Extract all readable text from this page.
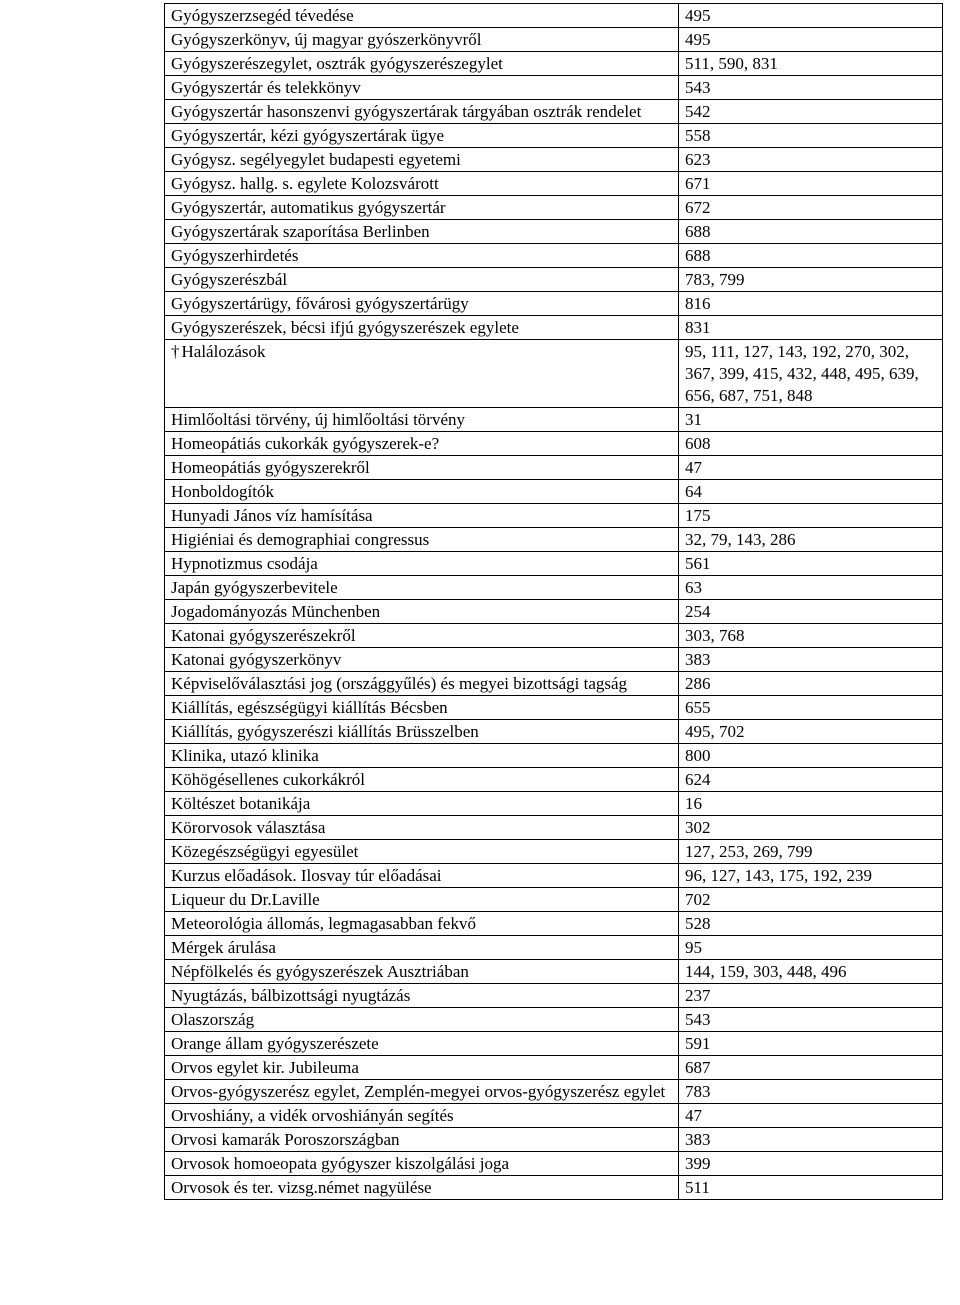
Gyógyszerzsegéd tévedése	495
Gyógyszerkönyv, új magyar gyószerkönyvről	495
Gyógyszerészegylet, osztrák gyógyszerészegylet	511, 590, 831
Gyógyszertár és telekkönyv	543
Gyógyszertár hasonszenvi gyógyszertárak tárgyában osztrák rendelet	542
Gyógyszertár, kézi gyógyszertárak ügye	558
Gyógysz. segélyegylet budapesti egyetemi	623
Gyógysz. hallg. s. egylete Kolozsvárott	671
Gyógyszertár, automatikus gyógyszertár	672
Gyógyszertárak szaporítása Berlinben	688
Gyógyszerhirdetés	688
Gyógyszerészbál	783, 799
Gyógyszertárügy, fővárosi gyógyszertárügy	816
Gyógyszerészek, bécsi ifjú gyógyszerészek egylete	831
† Halálozások	95, 111, 127, 143, 192, 270, 302, 367, 399, 415, 432, 448, 495, 639, 656, 687, 751, 848
Himlőoltási törvény, új himlőoltási törvény	31
Homeopátiás cukorkák gyógyszerek-e?	608
Homeopátiás gyógyszerekről	47
Honboldogítók	64
Hunyadi János víz hamísítása	175
Higiéniai és demographiai congressus	32, 79, 143, 286
Hypnotizmus csodája	561
Japán gyógyszerbevitele	63
Jogadományozás Münchenben	254
Katonai gyógyszerészekről	303, 768
Katonai gyógyszerkönyv	383
Képviselőválasztási jog (országgyűlés) és megyei bizottsági tagság	286
Kiállítás, egészségügyi kiállítás Bécsben	655
Kiállítás, gyógyszerészi kiállítás Brüsszelben	495, 702
Klinika, utazó klinika	800
Köhögésellenes cukorkákról	624
Költészet botanikája	16
Körorvosok választása	302
Közegészségügyi egyesület	127, 253, 269, 799
Kurzus előadások. Ilosvay túr előadásai	96, 127, 143, 175, 192, 239
Liqueur du Dr.Laville	702
Meteorológia állomás, legmagasabban fekvő	528
Mérgek árulása	95
Népfölkelés és gyógyszerészek Ausztriában	144, 159, 303, 448, 496
Nyugtázás, bálbizottsági nyugtázás	237
Olaszország	543
Orange állam gyógyszerészete	591
Orvos egylet kir. Jubileuma	687
Orvos-gyógyszerész egylet, Zemplén-megyei orvos-gyógyszerész egylet	783
Orvoshiány, a vidék orvoshiányán segítés	47
Orvosi kamarák Poroszországban	383
Orvosok homoeopata gyógyszer kiszolgálási joga	399
Orvosok és ter. vizsg.német nagyülése	511
